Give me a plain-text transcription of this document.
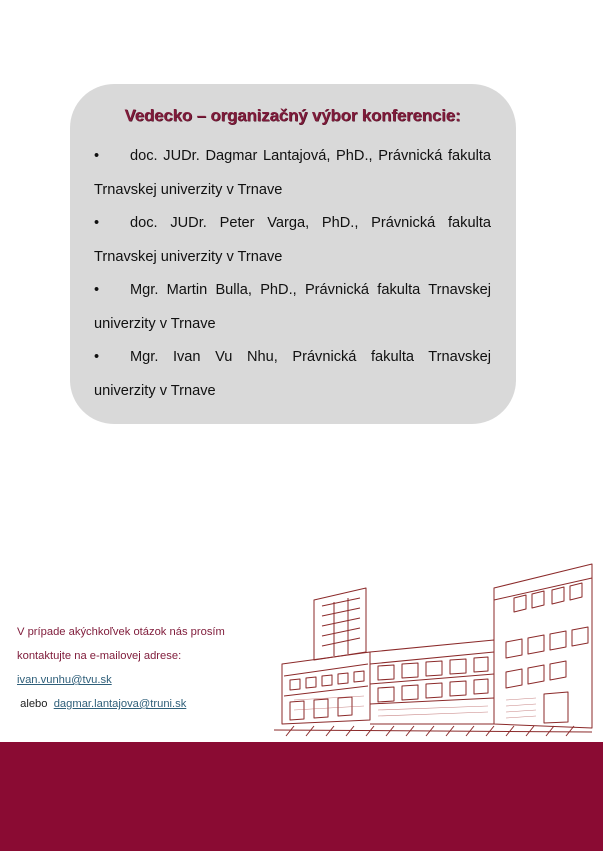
Vedecko – organizačný výbor konferencie:

• doc. JUDr. Dagmar Lantajová, PhD., Právnická fakulta Trnavskej univerzity v Trnave

• doc. JUDr. Peter Varga, PhD., Právnická fakulta Trnavskej univerzity v Trnave

• Mgr. Martin Bulla, PhD., Právnická fakulta Trnavskej univerzity v Trnave

• Mgr. Ivan Vu Nhu, Právnická fakulta Trnavskej univerzity v Trnave

V prípade akýchkoľvek otázok nás prosím

kontaktujte na e-mailovej adrese:

ivan.vunhu@tvu.sk

alebo dagmar.lantajova@truni.sk
